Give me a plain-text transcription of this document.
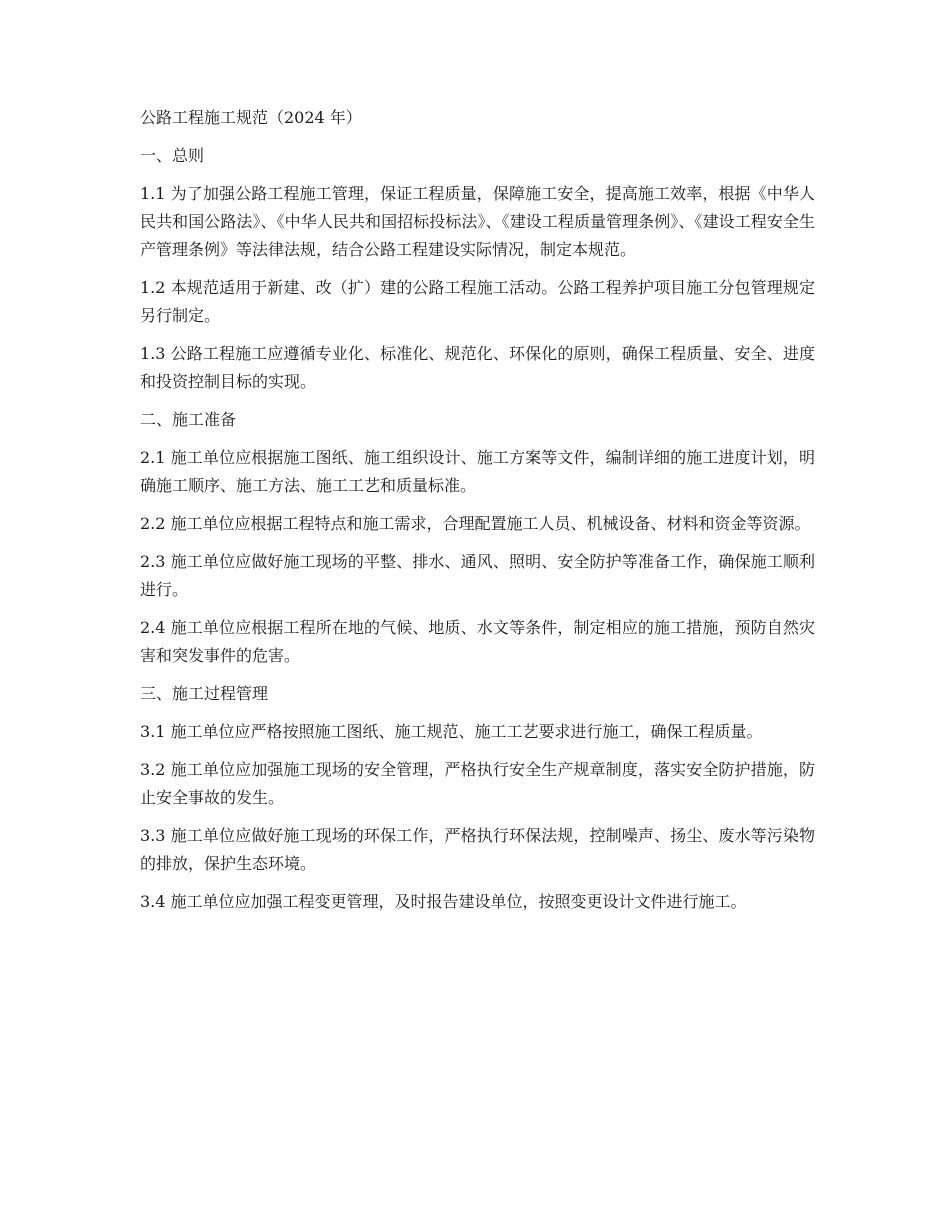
公路工程施工规范（2024 年）
一、总则

1.1 为了加强公路工程施工管理，保证工程质量，保障施工安全，提高施工效率，根据《中华人民共和国公路法》、《中华人民共和国招标投标法》、《建设工程质量管理条例》、《建设工程安全生产管理条例》等法律法规，结合公路工程建设实际情况，制定本规范。

1.2 本规范适用于新建、改（扩）建的公路工程施工活动。公路工程养护项目施工分包管理规定另行制定。

1.3 公路工程施工应遵循专业化、标准化、规范化、环保化的原则，确保工程质量、安全、进度和投资控制目标的实现。

二、施工准备

2.1 施工单位应根据施工图纸、施工组织设计、施工方案等文件，编制详细的施工进度计划，明确施工顺序、施工方法、施工工艺和质量标准。

2.2 施工单位应根据工程特点和施工需求，合理配置施工人员、机械设备、材料和资金等资源。

2.3 施工单位应做好施工现场的平整、排水、通风、照明、安全防护等准备工作，确保施工顺利进行。

2.4 施工单位应根据工程所在地的气候、地质、水文等条件，制定相应的施工措施，预防自然灾害和突发事件的危害。

三、施工过程管理

3.1 施工单位应严格按照施工图纸、施工规范、施工工艺要求进行施工，确保工程质量。

3.2 施工单位应加强施工现场的安全管理，严格执行安全生产规章制度，落实安全防护措施，防止安全事故的发生。

3.3 施工单位应做好施工现场的环保工作，严格执行环保法规，控制噪声、扬尘、废水等污染物的排放，保护生态环境。

3.4 施工单位应加强工程变更管理，及时报告建设单位，按照变更设计文件进行施工。
